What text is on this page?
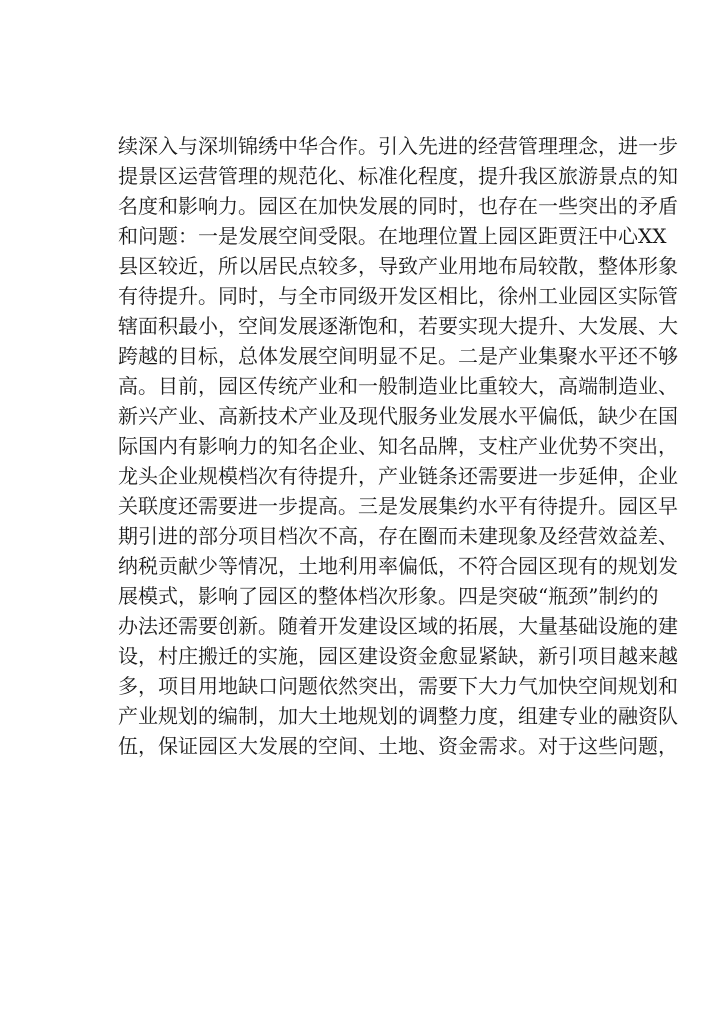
续深入与深圳锦绣中华合作。引入先进的经营管理理念，进一步
提景区运营管理的规范化、标准化程度，提升我区旅游景点的知
名度和影响力。园区在加快发展的同时，也存在一些突出的矛盾
和问题：一是发展空间受限。在地理位置上园区距贾汪中心XX
县区较近，所以居民点较多，导致产业用地布局较散，整体形象
有待提升。同时，与全市同级开发区相比，徐州工业园区实际管
辖面积最小，空间发展逐渐饱和，若要实现大提升、大发展、大
跨越的目标，总体发展空间明显不足。二是产业集聚水平还不够
高。目前，园区传统产业和一般制造业比重较大，高端制造业、
新兴产业、高新技术产业及现代服务业发展水平偏低，缺少在国
际国内有影响力的知名企业、知名品牌，支柱产业优势不突出，
龙头企业规模档次有待提升，产业链条还需要进一步延伸，企业
关联度还需要进一步提高。三是发展集约水平有待提升。园区早
期引进的部分项目档次不高，存在圈而未建现象及经营效益差、
纳税贡献少等情况，土地利用率偏低，不符合园区现有的规划发
展模式，影响了园区的整体档次形象。四是突破“瓶颈”制约的
办法还需要创新。随着开发建设区域的拓展，大量基础设施的建
设，村庄搬迁的实施，园区建设资金愈显紧缺，新引项目越来越
多，项目用地缺口问题依然突出，需要下大力气加快空间规划和
产业规划的编制，加大土地规划的调整力度，组建专业的融资队
伍，保证园区大发展的空间、土地、资金需求。对于这些问题，
